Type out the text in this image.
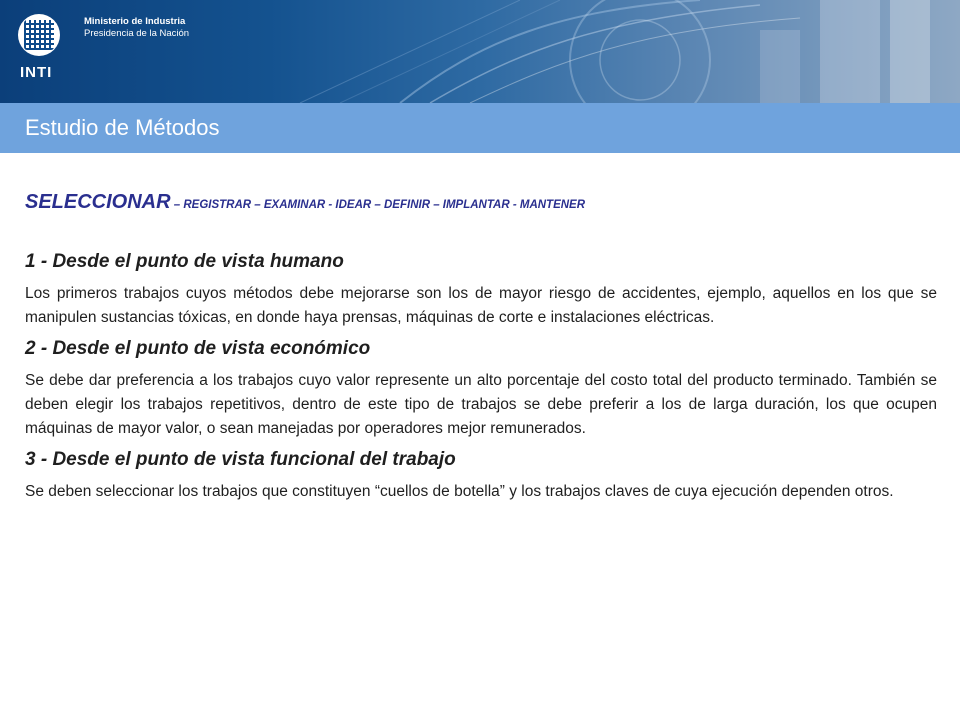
INTI
Ministerio de Industria
Presidencia de la Nación
Estudio de Métodos

SELECCIONAR – REGISTRAR – EXAMINAR - IDEAR – DEFINIR – IMPLANTAR - MANTENER

1 - Desde el punto de vista humano

Los primeros trabajos cuyos métodos debe mejorarse son los de mayor riesgo de accidentes, ejemplo, aquellos en los que se manipulen sustancias tóxicas, en donde haya prensas, máquinas de corte e instalaciones eléctricas.

2 - Desde el punto de vista económico

Se debe dar preferencia a los trabajos cuyo valor represente un alto porcentaje del costo total del producto terminado. También se deben elegir los trabajos repetitivos, dentro de este tipo de trabajos se debe preferir a los de larga duración, los que ocupen máquinas de mayor valor, o sean manejadas por operadores mejor remunerados.

3 - Desde el punto de vista funcional del trabajo

Se deben seleccionar los trabajos que constituyen “cuellos de botella” y los trabajos claves de cuya ejecución dependen otros.
